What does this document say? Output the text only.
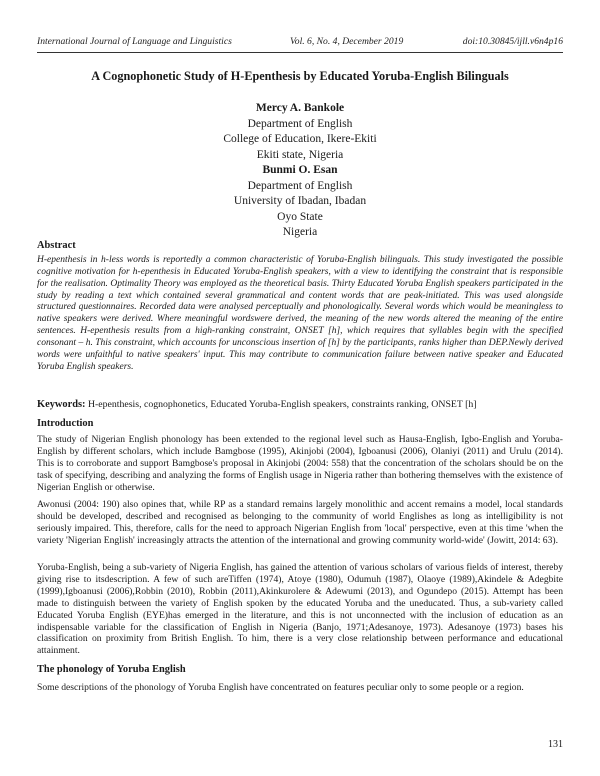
International Journal of Language and Linguistics	Vol. 6, No. 4, December 2019	doi:10.30845/ijll.v6n4p16
A Cognophonetic Study of H-Epenthesis by Educated Yoruba-English Bilinguals
Mercy A. Bankole
Department of English
College of Education, Ikere-Ekiti
Ekiti state, Nigeria
Bunmi O. Esan
Department of English
University of Ibadan, Ibadan
Oyo State
Nigeria
Abstract
H-epenthesis in h-less words is reportedly a common characteristic of Yoruba-English bilinguals. This study investigated the possible cognitive motivation for h-epenthesis in Educated Yoruba-English speakers, with a view to identifying the constraint that is responsible for the realisation. Optimality Theory was employed as the theoretical basis. Thirty Educated Yoruba English speakers participated in the study by reading a text which contained several grammatical and content words that are peak-initiated. This was used alongside structured questionnaires. Recorded data were analysed perceptually and phonologically. Several words which would be meaningless to native speakers were derived. Where meaningful wordswere derived, the meaning of the new words altered the meaning of the entire sentences. H-epenthesis results from a high-ranking constraint, ONSET [h], which requires that syllables begin with the specified consonant – h. This constraint, which accounts for unconscious insertion of [h] by the participants, ranks higher than DEP.Newly derived words were unfaithful to native speakers' input. This may contribute to communication failure between native speaker and Educated Yoruba English speakers.
Keywords: H-epenthesis, cognophonetics, Educated Yoruba-English speakers, constraints ranking, ONSET [h]
Introduction
The study of Nigerian English phonology has been extended to the regional level such as Hausa-English, Igbo-English and Yoruba-English by different scholars, which include Bamgbose (1995), Akinjobi (2004), Igboanusi (2006), Olaniyi (2011) and Urulu (2014). This is to corroborate and support Bamgbose's proposal in Akinjobi (2004: 558) that the concentration of the scholars should be on the task of specifying, describing and analyzing the forms of English usage in Nigeria rather than bothering themselves with the existence of Nigerian English or otherwise.
Awonusi (2004: 190) also opines that, while RP as a standard remains largely monolithic and accent remains a model, local standards should be developed, described and recognised as belonging to the community of world Englishes as long as intelligibility is not seriously impaired. This, therefore, calls for the need to approach Nigerian English from 'local' perspective, even at this time 'when the variety 'Nigerian English' increasingly attracts the attention of the international and growing community world-wide' (Jowitt, 2014: 63).
Yoruba-English, being a sub-variety of Nigeria English, has gained the attention of various scholars of various fields of interest, thereby giving rise to itsdescription. A few of such areTiffen (1974), Atoye (1980), Odumuh (1987), Olaoye (1989),Akindele & Adegbite (1999),Igboanusi (2006),Robbin (2010), Robbin (2011),Akinkurolere & Adewumi (2013), and Ogundepo (2015). Attempt has been made to distinguish between the variety of English spoken by the educated Yoruba and the uneducated. Thus, a sub-variety called Educated Yoruba English (EYE)has emerged in the literature, and this is not unconnected with the inclusion of education as an indispensable variable for the classification of English in Nigeria (Banjo, 1971;Adesanoye, 1973). Adesanoye (1973) bases his classification on proximity from British English. To him, there is a very close relationship between performance and educational attainment.
The phonology of Yoruba English
Some descriptions of the phonology of Yoruba English have concentrated on features peculiar only to some people or a region.
131
